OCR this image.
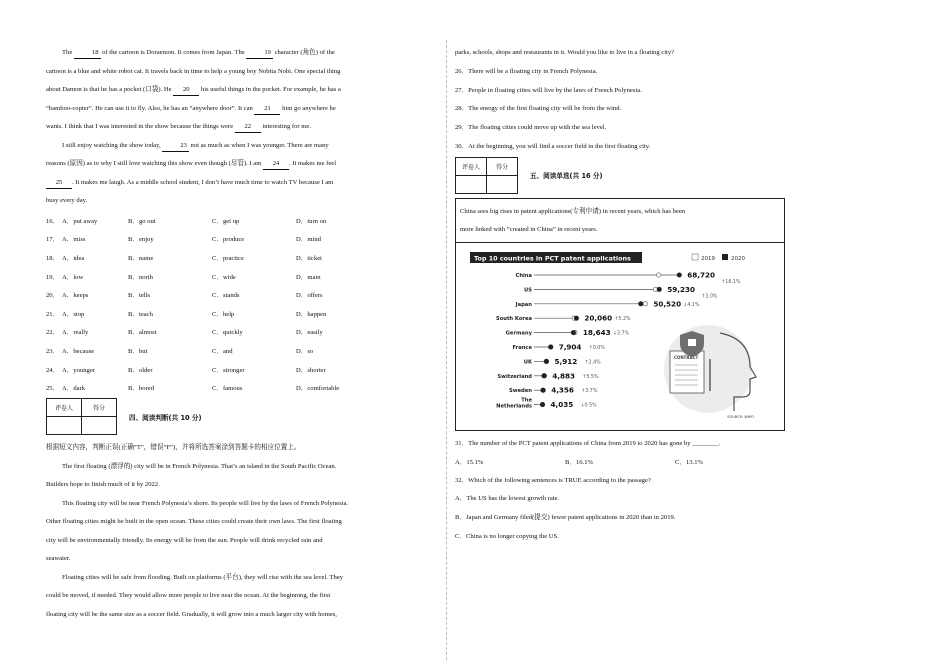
The	18 of the cartoon is Doraemon. It comes from Japan. The	19 character (角色) of the

cartoon is a blue and white robot cat. It travels back in time to help a young boy Nobita Nobi. One special thing

about Damon is that he has a pocket (口袋). He 20 his useful things in the pocket. For example, he has a

“bamboo-copter”. He can use it to fly. Also, he has an “anywhere door”. It can 21 him go anywhere he

wants. I think that I was interested in the show because the things were 22 interesting for me.

I still enjoy watching the show today,	23 not as much as when I was younger. There are many

reasons (原因) as to why I still love watching this show even though (尽管). I am 24 . It makes me feel

25 . It makes me laugh. As a middle school student, I don’t have much time to watch TV because I am

busy every day.

16． A．put away	B．go out	C．get up	D．turn on
17． A．miss	B．enjoy	C．produce	D．mind
18． A．idea	B．name	C．practice	D．ticket
19． A．low	B．north	C．wide	D．main
20． A．keeps	B．tells	C．stands	D．offers
21． A．stop	B．teach	C．help	D．happen
22． A．really	B．almost	C．quickly	D．easily
23． A．because	B．but	C．and	D．so
24． A．younger	B．older	C．stronger	D．shorter
25． A．dark	B．bored	C．famous	D．comfortable
评卷人	得分

四、阅读判断(共 10 分)

根据短文内容，判断正误(正确“T”，错误“F”)，并将所选答案涂到答题卡的相应位置上。

The first floating (漂浮的) city will be in French Polynesia. That’s an island in the South Pacific Ocean.

Builders hope to finish much of it by 2022.

This floating city will be near French Polynesia’s shore. Its people will live by the laws of French Polynesia.

Other floating cities might be built in the open ocean. These cities could create their own laws. The first floating

city will be environmentally friendly. Its energy will be from the sun. People will drink recycled rain and

seawater.

Floating cities will be safe from flooding. Built on platforms (平台), they will rise with the sea level. They

could be moved, if needed. They would allow more people to live near the ocean. At the beginning, the first

floating city will be the same size as a soccer field. Gradually, it will grow into a much larger city with homes,

parks, schools, shops and restaurants in it. Would you like to live in a floating city?

26．There will be a floating city in French Polynesia.

27．People in floating cities will live by the laws of French Polynesia.

28．The energy of the first floating city will be from the wind.

29．The floating cities could move up with the sea level.

30．At the beginning, you will find a soccer field in the first floating city.

评卷人	得分

五、阅读单选(共 16 分)

China sees big rises in patent applications(专利申请) in recent years, which has been
more linked with “created in China” in recent years.

Top 10 countries in PCT patent applications	2019	2020
CONTRACT
China	68,720
↑16.1%
US	59,230
↑3.0%
Japan	50,520 ↓4.1%
South Korea	20,060 ↑5.2%
Germany	18,643 ↓3.7%
France	7,904 ↑0.0%
UK	5,912 ↑2.4%
Switzerland	4,883 ↑5.5%
Sweden	4,356 ↑3.7%
The
Netherlands	4,035 ↓0.5%
SOURCE: WIPO

31．The number of the PCT patent applications of China from 2019 to 2020 has gone by ________.

A．15.1%	B．16.1%	C．13.1%

32．Which of the following sentences is TRUE according to the passage?

A．The US has the lowest growth rate.

B．Japan and Germany filed(提交) fewer patent applications in 2020 than in 2019.

C．China is no longer copying the US.
